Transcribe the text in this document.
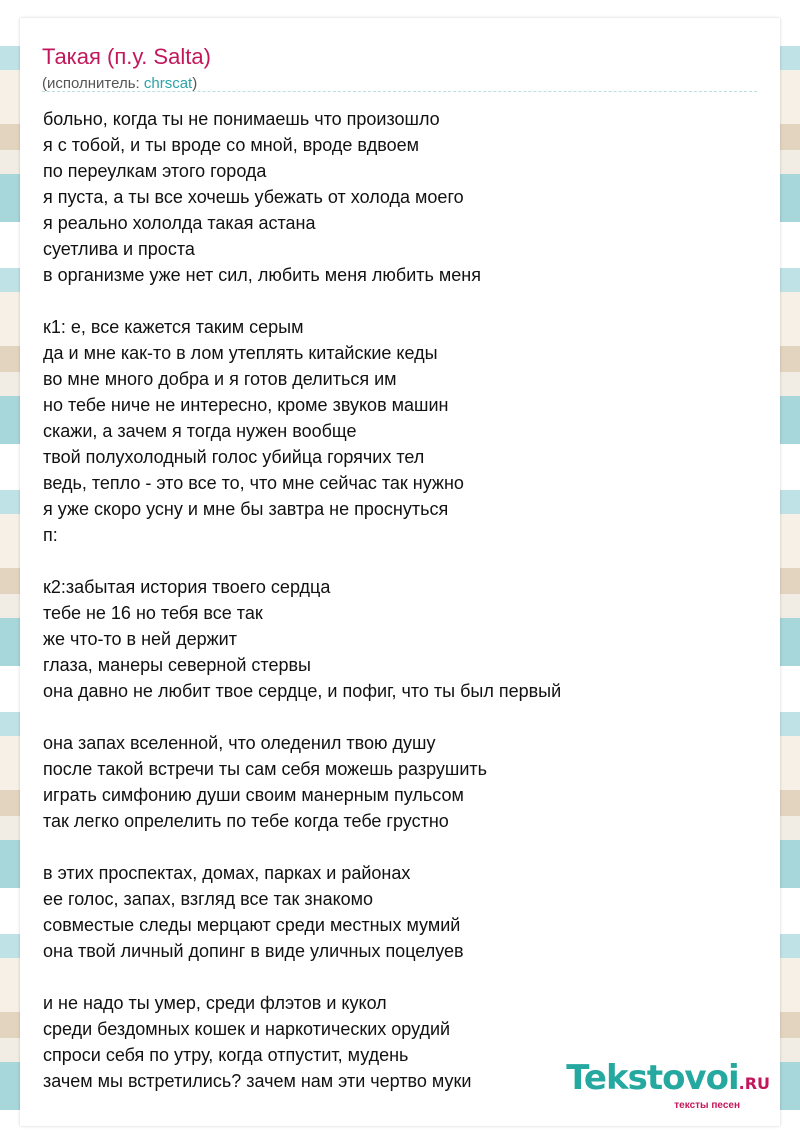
Такая (п.у. Salta)
(исполнитель: chrscat)
больно, когда ты не понимаешь что произошло
я с тобой, и ты вроде со мной, вроде вдвоем
по переулкам этого города
я пуста, а ты все хочешь убежать от холода моего
я реально хололда такая астана
суетлива и проста
в организме уже нет сил, любить меня любить меня
к1: е, все кажется таким серым
да и мне как-то в лом утеплять китайские кеды
во мне много добра и я готов делиться им
но тебе ниче не интересно, кроме звуков машин
скажи, а зачем я тогда нужен вообще
твой полухолодный голос убийца горячих тел
ведь, тепло - это все то, что мне сейчас так нужно
я уже скоро усну и мне бы завтра не проснуться
п:
к2:забытая история твоего сердца
тебе не 16 но тебя все так
же что-то в ней держит
глаза, манеры северной стервы
она давно не любит твое сердце, и пофиг, что ты был первый
она запах вселенной, что оледенил твою душу
после такой встречи ты сам себя можешь разрушить
играть симфонию души своим манерным пульсом
так легко опрелелить по тебе когда тебе грустно
в этих проспектах, домах, парках и районах
ее голос, запах, взгляд все так знакомо
совместые следы мерцают среди местных мумий
она твой личный допинг в виде уличных поцелуев
и не надо ты умер, среди флэтов и кукол
среди бездомных кошек и наркотических орудий
спроси себя по утру, когда отпустит, мудень
зачем мы встретились? зачем нам эти чертво муки	Tekstovoi.RU
тексты песен
